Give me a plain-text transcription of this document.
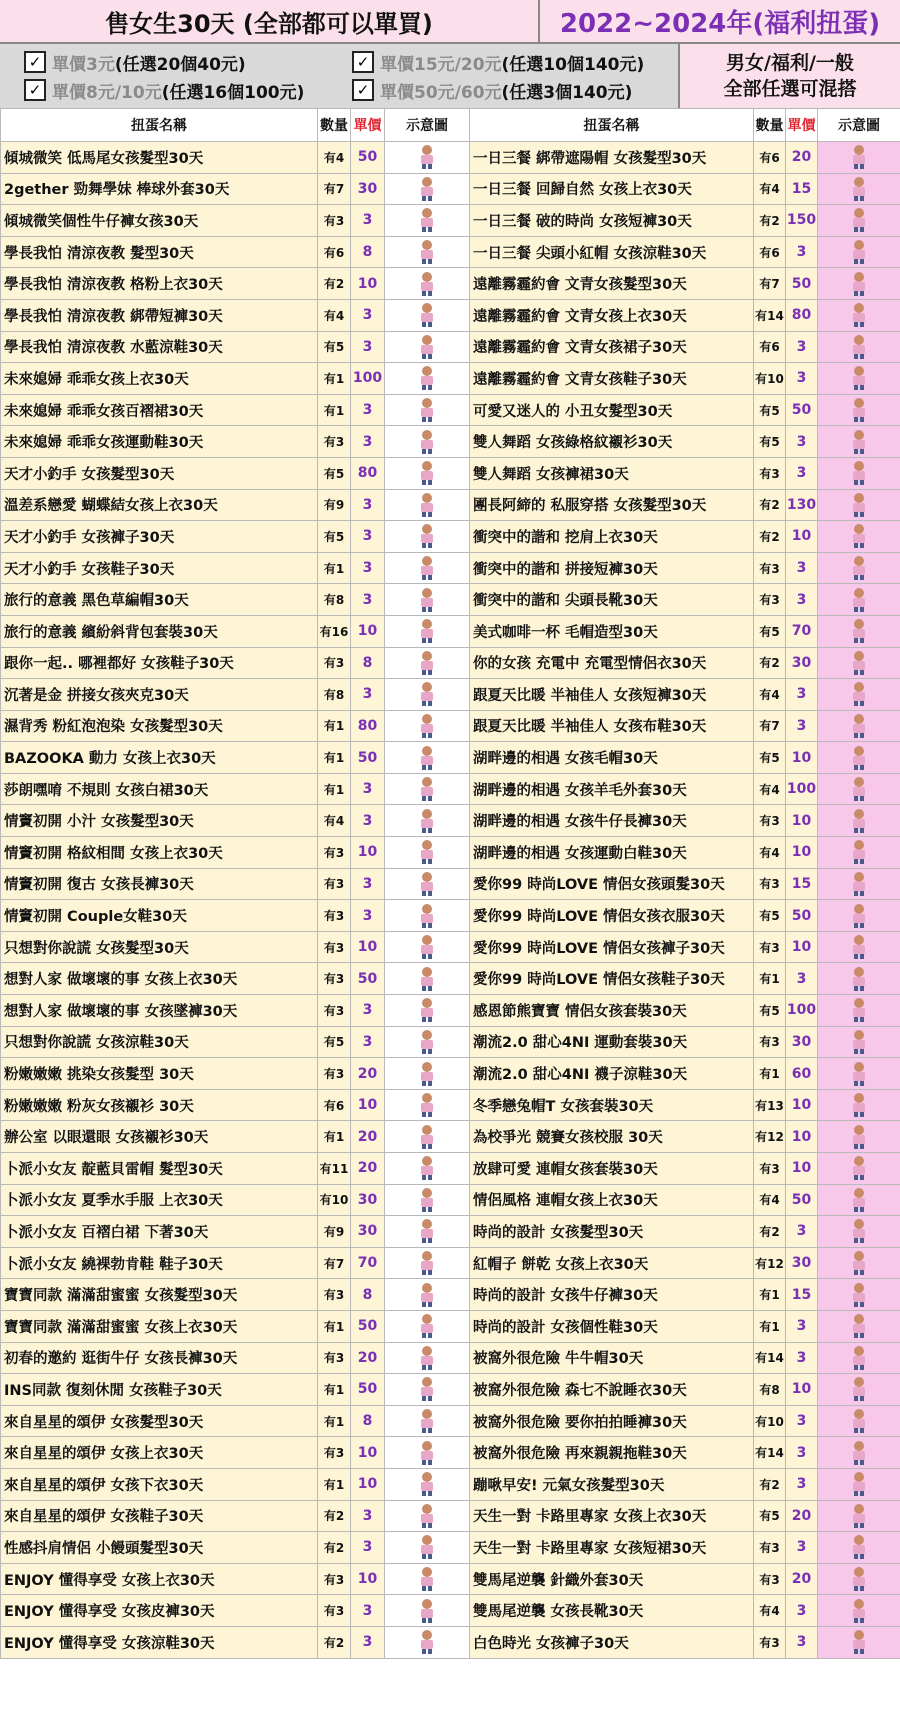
售女生30天 (全部都可以單買)	2022~2024年(福利扭蛋)
✓ 單價3元 (任選20個40元)	✓ 單價15元/20元 (任選10個140元)
✓ 單價8元/10元 (任選16個100元)	✓ 單價50元/60元 (任選3個140元)
男女/福利/一般
全部任選可混搭
扭蛋名稱	數量	單價	示意圖
傾城微笑 低馬尾女孩髮型30天	有4	50	
2gether 勁舞學妹 棒球外套30天	有7	30	
傾城微笑個性牛仔褲女孩30天	有3	3	
學長我怕 清涼夜教 髮型30天	有6	8	
學長我怕 清涼夜教 格粉上衣30天	有2	10	
學長我怕 清涼夜教 綁帶短褲30天	有4	3	
學長我怕 清涼夜教 水藍涼鞋30天	有5	3	
未來媳婦 乖乖女孩上衣30天	有1	100	
未來媳婦 乖乖女孩百褶裙30天	有1	3	
未來媳婦 乖乖女孩運動鞋30天	有3	3	
天才小釣手 女孩髮型30天	有5	80	
溫差系戀愛 蝴蝶結女孩上衣30天	有9	3	
天才小釣手 女孩褲子30天	有5	3	
天才小釣手 女孩鞋子30天	有1	3	
旅行的意義 黑色草編帽30天	有8	3	
旅行的意義 繽紛斜背包套裝30天	有16	10	
跟你一起.. 哪裡都好 女孩鞋子30天	有3	8	
沉著是金 拼接女孩夾克30天	有8	3	
濕背秀 粉紅泡泡染 女孩髮型30天	有1	80	
BAZOOKA 動力 女孩上衣30天	有1	50	
莎朗嘿唷 不規則 女孩白裙30天	有1	3	
情竇初開 小汁 女孩髮型30天	有4	3	
情竇初開 格紋相間 女孩上衣30天	有3	10	
情竇初開 復古 女孩長褲30天	有3	3	
情竇初開 Couple女鞋30天	有3	3	
只想對你說謊 女孩髮型30天	有3	10	
想對人家 做壞壞的事 女孩上衣30天	有3	50	
想對人家 做壞壞的事 女孩墜褲30天	有3	3	
只想對你說謊 女孩涼鞋30天	有5	3	
粉嫩嫩嫩 挑染女孩髮型 30天	有3	20	
粉嫩嫩嫩 粉灰女孩襯衫 30天	有6	10	
辦公室 以眼還眼 女孩襯衫30天	有1	20	
卜派小女友 靛藍貝雷帽 髮型30天	有11	20	
卜派小女友 夏季水手服 上衣30天	有10	30	
卜派小女友 百褶白裙 下著30天	有9	30	
卜派小女友 繞裸勃肯鞋 鞋子30天	有7	70	
寶寶同款 滿滿甜蜜蜜 女孩髮型30天	有3	8	
寶寶同款 滿滿甜蜜蜜 女孩上衣30天	有1	50	
初春的邀約 逛街牛仔 女孩長褲30天	有3	20	
INS同款 復刻休閒 女孩鞋子30天	有1	50	
來自星星的頌伊 女孩髮型30天	有1	8	
來自星星的頌伊 女孩上衣30天	有3	10	
來自星星的頌伊 女孩下衣30天	有1	10	
來自星星的頌伊 女孩鞋子30天	有2	3	
性感抖肩情侶 小饅頭髮型30天	有2	3	
ENJOY 懂得享受 女孩上衣30天	有3	10	
ENJOY 懂得享受 女孩皮褲30天	有3	3	
ENJOY 懂得享受 女孩涼鞋30天	有2	3	
扭蛋名稱	數量	單價	示意圖
一日三餐 綁帶遮陽帽 女孩髮型30天	有6	20	
一日三餐 回歸自然 女孩上衣30天	有4	15	
一日三餐 破的時尚 女孩短褲30天	有2	150	
一日三餐 尖頭小紅帽 女孩涼鞋30天	有6	3	
遠離霧霾約會 文青女孩髮型30天	有7	50	
遠離霧霾約會 文青女孩上衣30天	有14	80	
遠離霧霾約會 文青女孩裙子30天	有6	3	
遠離霧霾約會 文青女孩鞋子30天	有10	3	
可愛又迷人的 小丑女髮型30天	有5	50	
雙人舞蹈 女孩綠格紋襯衫30天	有5	3	
雙人舞蹈 女孩褲裙30天	有3	3	
團長阿締的 私服穿搭 女孩髮型30天	有2	130	
衝突中的諧和 挖肩上衣30天	有2	10	
衝突中的諧和 拼接短褲30天	有3	3	
衝突中的諧和 尖頭長靴30天	有3	3	
美式咖啡一杯 毛帽造型30天	有5	70	
你的女孩 充電中 充電型情侶衣30天	有2	30	
跟夏天比暖 半袖佳人 女孩短褲30天	有4	3	
跟夏天比暖 半袖佳人 女孩布鞋30天	有7	3	
湖畔邊的相遇 女孩毛帽30天	有5	10	
湖畔邊的相遇 女孩羊毛外套30天	有4	100	
湖畔邊的相遇 女孩牛仔長褲30天	有3	10	
湖畔邊的相遇 女孩運動白鞋30天	有4	10	
愛你99 時尚LOVE 情侶女孩頭髮30天	有3	15	
愛你99 時尚LOVE 情侶女孩衣服30天	有5	50	
愛你99 時尚LOVE 情侶女孩褲子30天	有3	10	
愛你99 時尚LOVE 情侶女孩鞋子30天	有1	3	
感恩節熊寶寶 情侶女孩套裝30天	有5	100	
潮流2.0 甜心4NI 運動套裝30天	有3	30	
潮流2.0 甜心4NI 襪子涼鞋30天	有1	60	
冬季戀兔帽T 女孩套裝30天	有13	10	
為校爭光 競賽女孩校服 30天	有12	10	
放肆可愛 連帽女孩套裝30天	有3	10	
情侶風格 連帽女孩上衣30天	有4	50	
時尚的設計 女孩髮型30天	有2	3	
紅帽子 餅乾 女孩上衣30天	有12	30	
時尚的設計 女孩牛仔褲30天	有1	15	
時尚的設計 女孩個性鞋30天	有1	3	
被窩外很危險 牛牛帽30天	有14	3	
被窩外很危險 森七不說睡衣30天	有8	10	
被窩外很危險 要你拍拍睡褲30天	有10	3	
被窩外很危險 再來親親拖鞋30天	有14	3	
蹦啾早安! 元氣女孩髮型30天	有2	3	
天生一對 卡路里專家 女孩上衣30天	有5	20	
天生一對 卡路里專家 女孩短裙30天	有3	3	
雙馬尾逆襲 針織外套30天	有3	20	
雙馬尾逆襲 女孩長靴30天	有4	3	
白色時光 女孩褲子30天	有3	3	
